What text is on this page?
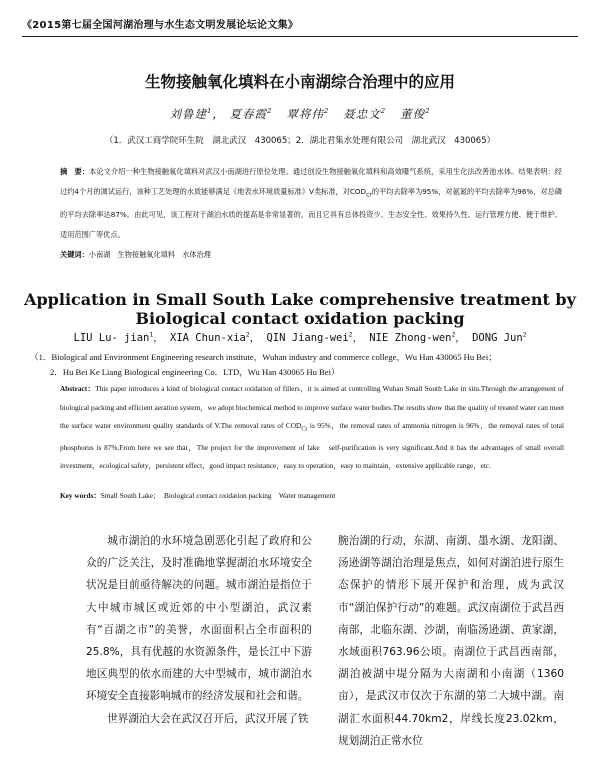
《2015第七届全国河湖治理与水生态文明发展论坛论文集》
生物接触氧化填料在小南湖综合治理中的应用
刘鲁建$^1$， 夏春霞$^2$ 覃将伟$^2$ 聂忠文$^2$ 董俊$^2$
（1．武汉工商学院环生院　湖北武汉　430065；2．湖北君集水处理有限公司　湖北武汉　430065）
摘　要：本论文介绍一种生物接触氧化填料对武汉小南湖进行原位处理。通过创设生物接触氧化填料和高效曝气系统，采用生化法改善池水体。结果表明：经过约4个月的调试运行，该种工艺处理的水质能够满足《地表水环境质量标准》V类标准，对$COD_{cr}$的平均去除率为95%，对氨氮的平均去除率为96%，对总磷的平均去除率达87%。由此可见，该工程对于湖泊水质的提高是非常显著的，而且它具有总体投资少、生态安全性、效果持久性、运行管理方便、便于维护、适用范围广等优点。
关键词：小南湖　生物接触氧化填料　水体治理
Application in Small South Lake comprehensive treatment by
Biological contact oxidation packing
LIU Lu- jian$^1$， XIA Chun-xia$^2$， QIN Jiang-wei$^2$， NIE Zhong-wen$^2$， DONG Jun$^2$
（1．Biological and Environment Engineering research institute，Wuhan industry and commerce college，Wu Han 430065 Hu Bei；
2．Hu Bei Ke Liang Biological engineering Co．LTD，Wu Han 430065 Hu Bei）
Abstract：This paper introduces a kind of biological contact oxidation of fillers，it is aimed at controlling Wuhan Small South Lake in situ.Through the arrangement of biological packing and efficient aeration system，we adopt biochemical method to improve surface water bodies.The results show that the quality of treated water can meet the surface water environment quality standards of V.The removal rates of $COD_{Cr}$ is 95%，the removal rates of ammonia nitrogen is 96%，the removal rates of total phosphorus is 87%.From here we see that，The project for the improvement of lake　self-purification is very significant.And it has the advantages of small overall investment，ecological safety，persistent effect，good impact resistance，easy to operation，easy to maintain，extensive applicable range，etc.
Key words：Small South Lake；　Biological contact oxidation packing　Water management

城市湖泊的水环境急剧恶化引起了政府和公众的广泛关注，及时准确地掌握湖泊水环境安全状况是目前亟待解决的问题。城市湖泊是指位于大中城市城区或近郊的中小型湖泊，武汉素有“百湖之市”的美誉，水面面积占全市面积的25.8%，具有优越的水资源条件，是长江中下游地区典型的依水而建的大中型城市，城市湖泊水环境安全直接影响城市的经济发展和社会和谐。

世界湖泊大会在武汉召开后，武汉开展了铁

腕治湖的行动，东湖、南湖、墨水湖、龙阳湖、汤逊湖等湖泊治理是焦点，如何对湖泊进行原生态保护的情形下展开保护和治理，成为武汉市“湖泊保护行动”的难题。武汉南湖位于武昌西南部，北临东湖、沙湖，南临汤逊湖、黄家湖，水域面积763.96公顷。南湖位于武昌西南部，湖泊被湖中堤分隔为大南湖和小南湖（1360亩），是武汉市仅次于东湖的第二大城中湖。南湖汇水面积44.70km2，岸线长度23.02km，规划湖泊正常水位
